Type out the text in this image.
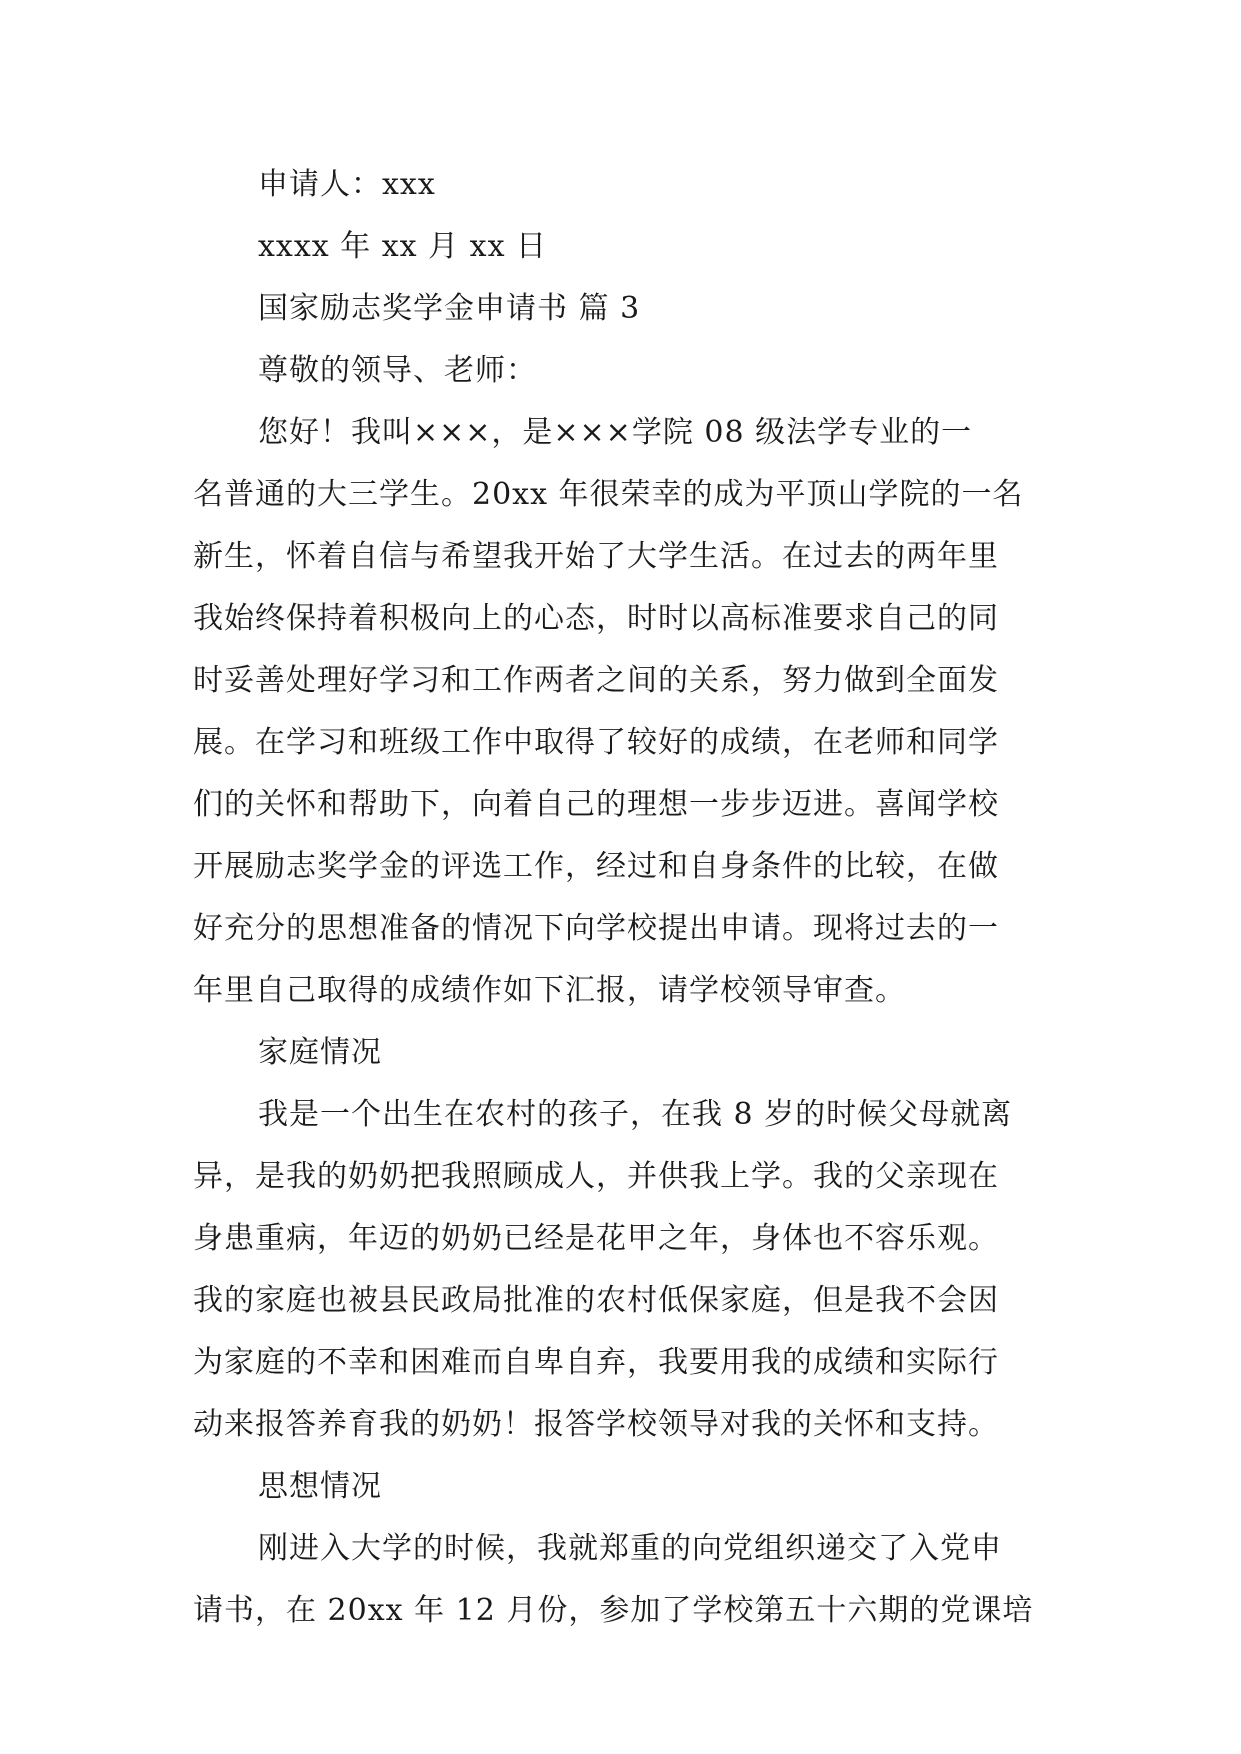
申请人：xxx
xxxx 年 xx 月 xx 日
国家励志奖学金申请书 篇 3
尊敬的领导、老师：
您好！我叫×××，是×××学院 08 级法学专业的一
名普通的大三学生。20xx 年很荣幸的成为平顶山学院的一名
新生，怀着自信与希望我开始了大学生活。在过去的两年里
我始终保持着积极向上的心态，时时以高标准要求自己的同
时妥善处理好学习和工作两者之间的关系，努力做到全面发
展。在学习和班级工作中取得了较好的成绩，在老师和同学
们的关怀和帮助下，向着自己的理想一步步迈进。喜闻学校
开展励志奖学金的评选工作，经过和自身条件的比较，在做
好充分的思想准备的情况下向学校提出申请。现将过去的一
年里自己取得的成绩作如下汇报，请学校领导审查。
家庭情况
我是一个出生在农村的孩子，在我 8 岁的时候父母就离
异，是我的奶奶把我照顾成人，并供我上学。我的父亲现在
身患重病，年迈的奶奶已经是花甲之年，身体也不容乐观。
我的家庭也被县民政局批准的农村低保家庭，但是我不会因
为家庭的不幸和困难而自卑自弃，我要用我的成绩和实际行
动来报答养育我的奶奶！报答学校领导对我的关怀和支持。
思想情况
刚进入大学的时候，我就郑重的向党组织递交了入党申
请书，在 20xx 年 12 月份，参加了学校第五十六期的党课培
